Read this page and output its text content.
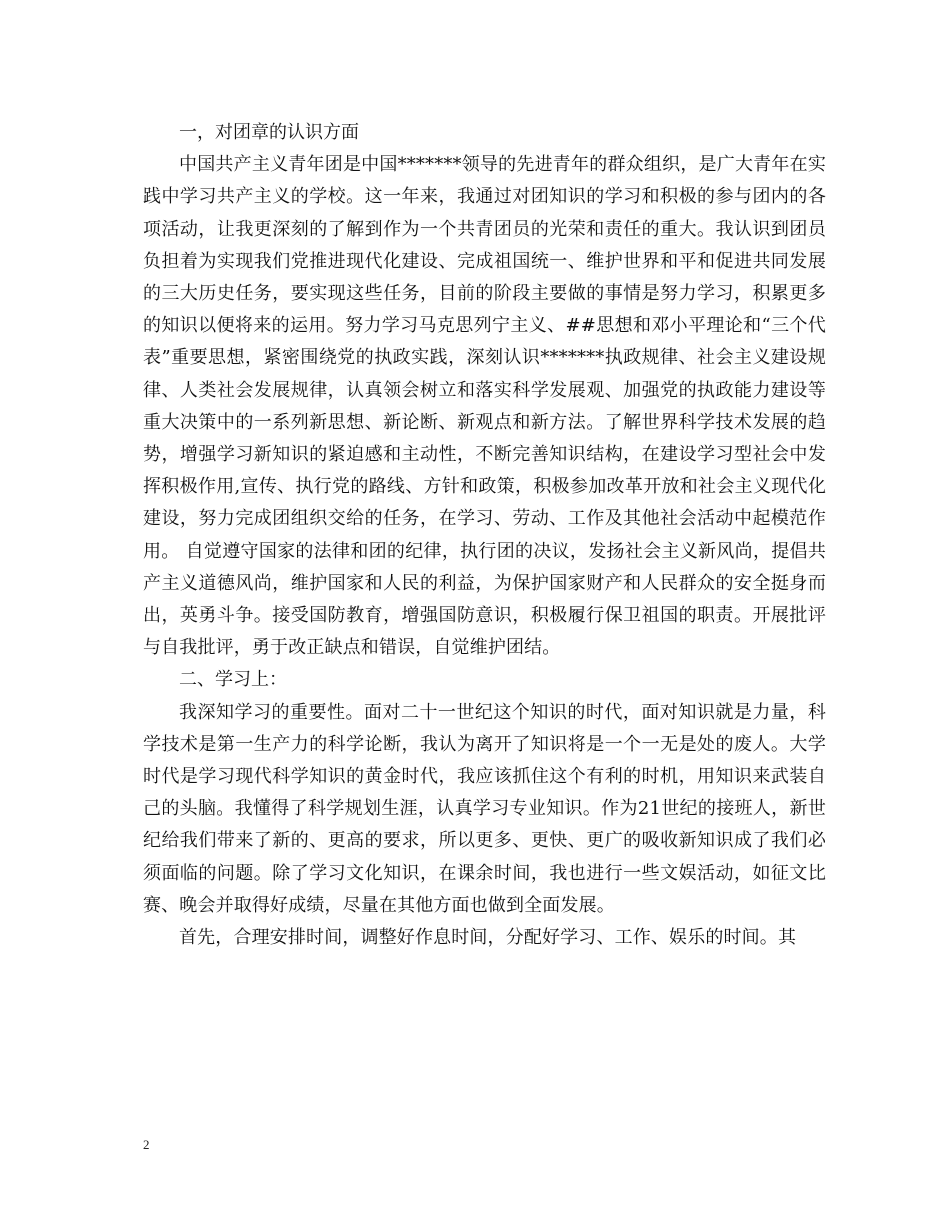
一，对团章的认识方面

中国共产主义青年团是中国*******领导的先进青年的群众组织，是广大青年在实践中学习共产主义的学校。这一年来，我通过对团知识的学习和积极的参与团内的各项活动，让我更深刻的了解到作为一个共青团员的光荣和责任的重大。我认识到团员负担着为实现我们党推进现代化建设、完成祖国统一、维护世界和平和促进共同发展的三大历史任务，要实现这些任务，目前的阶段主要做的事情是努力学习，积累更多的知识以便将来的运用。努力学习马克思列宁主义、##思想和邓小平理论和“三个代表”重要思想，紧密围绕党的执政实践，深刻认识*******执政规律、社会主义建设规律、人类社会发展规律，认真领会树立和落实科学发展观、加强党的执政能力建设等重大决策中的一系列新思想、新论断、新观点和新方法。了解世界科学技术发展的趋势，增强学习新知识的紧迫感和主动性，不断完善知识结构，在建设学习型社会中发挥积极作用,宣传、执行党的路线、方针和政策，积极参加改革开放和社会主义现代化建设，努力完成团组织交给的任务，在学习、劳动、工作及其他社会活动中起模范作用。 自觉遵守国家的法律和团的纪律，执行团的决议，发扬社会主义新风尚，提倡共产主义道德风尚，维护国家和人民的利益，为保护国家财产和人民群众的安全挺身而出，英勇斗争。接受国防教育，增强国防意识，积极履行保卫祖国的职责。开展批评与自我批评，勇于改正缺点和错误，自觉维护团结。

二、学习上：

我深知学习的重要性。面对二十一世纪这个知识的时代，面对知识就是力量，科学技术是第一生产力的科学论断，我认为离开了知识将是一个一无是处的废人。大学时代是学习现代科学知识的黄金时代，我应该抓住这个有利的时机，用知识来武装自己的头脑。我懂得了科学规划生涯，认真学习专业知识。作为21世纪的接班人，新世纪给我们带来了新的、更高的要求，所以更多、更快、更广的吸收新知识成了我们必须面临的问题。除了学习文化知识，在课余时间，我也进行一些文娱活动，如征文比赛、晚会并取得好成绩，尽量在其他方面也做到全面发展。

首先，合理安排时间，调整好作息时间，分配好学习、工作、娱乐的时间。其

2
